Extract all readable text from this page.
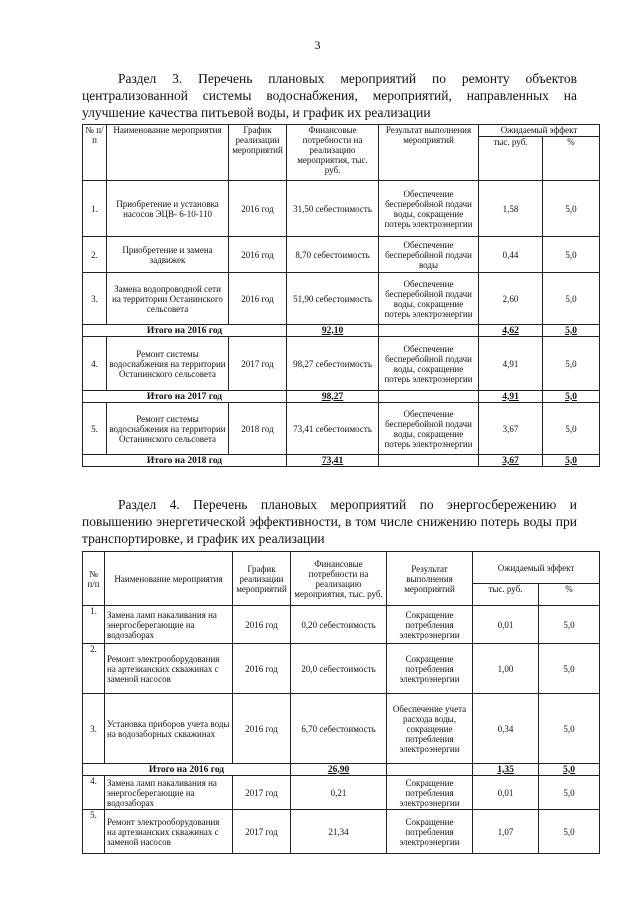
3
Раздел 3. Перечень плановых мероприятий по ремонту объектов централизованной системы водоснабжения, мероприятий, направленных на улучшение качества питьевой воды, и график их реализации
№ п/п	Наименование мероприятия	График реализации мероприятий	Финансовые потребности на реализацию мероприятия, тыс. руб.	Результат выполнения мероприятий	Ожидаемый эффект	
					тыс. руб.	%
1.	Приобретение и установка насосов ЭЦВ- 6-10-110	2016 год	31,50 себестоимость	Обеспечение бесперебойной подачи воды, сокращение потерь электроэнергии	1,58	5,0
2.	Приобретение и замена задвижек	2016 год	8,70 себестоимость	Обеспечение бесперебойной подачи воды	0,44	5,0
3.	Замена водопроводной сети на территории Останинского сельсовета	2016 год	51,90 себестоимость	Обеспечение бесперебойной подачи воды, сокращение потерь электроэнергии	2,60	5,0
Итого на 2016 год			92,10		4,62	5,0
4.	Ремонт системы водоснабжения на территории Останинского сельсовета	2017 год	98,27 себестоимость	Обеспечение бесперебойной подачи воды, сокращение потерь электроэнергии	4,91	5,0
Итого на 2017 год			98,27		4,91	5,0
5.	Ремонт системы водоснабжения на территории Останинского сельсовета	2018 год	73,41 себестоимость	Обеспечение бесперебойной подачи воды, сокращение потерь электроэнергии	3,67	5,0
Итого на 2018 год			73,41		3,67	5,0
Раздел 4. Перечень плановых мероприятий по энергосбережению и повышению энергетической эффективности, в том числе снижению потерь воды при транспортировке, и график их реализации
№ п/п	Наименование мероприятия	График реализации мероприятий	Финансовые потребности на реализацию мероприятия, тыс. руб.	Результат выполнения мероприятий	Ожидаемый эффект	
					тыс. руб.	%
1.	Замена ламп накаливания на энергосберегающие на водозаборах	2016 год	0,20 себестоимость	Сокращение потребления электроэнергии	0,01	5,0
2.	Ремонт электрооборудования на артезианских скважинах с заменой насосов	2016 год	20,0 себестоимость	Сокращение потребления электроэнергии	1,00	5,0
3.	Установка приборов учета воды на водозаборных скважинах	2016 год	6,70 себестоимость	Обеспечение учета расхода воды, сокращение потребления электроэнергии	0,34	5,0
Итого на 2016 год			26,90		1,35	5,0
4.	Замена ламп накаливания на энергосберегающие на водозаборах	2017 год	0,21	Сокращение потребления электроэнергии	0,01	5,0
5.	Ремонт электрооборудования на артезианских скважинах с заменой насосов	2017 год	21,34	Сокращение потребления электроэнергии	1,07	5,0
